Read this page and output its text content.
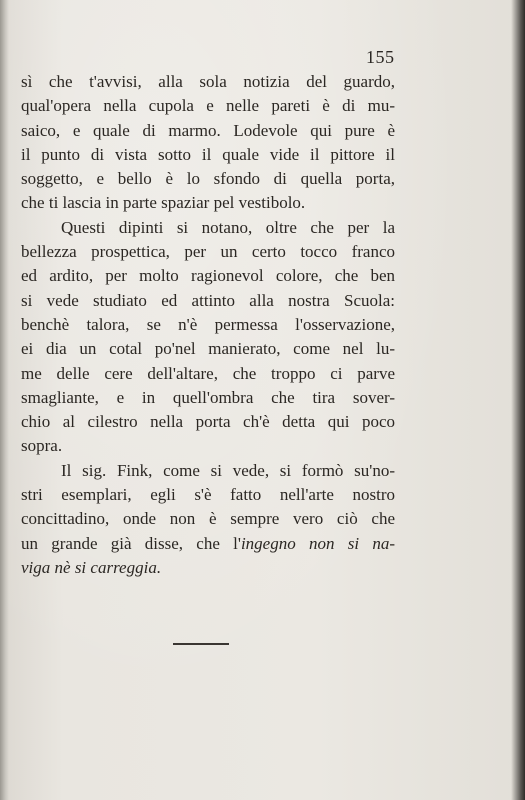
155
sì che t'avvisi, alla sola notizia del guardo,
qual'opera nella cupola e nelle pareti è di mu-
saico, e quale di marmo. Lodevole qui pure è
il punto di vista sotto il quale vide il pittore il
soggetto, e bello è lo sfondo di quella porta,
che ti lascia in parte spaziar pel vestibolo.
Questi dipinti si notano, oltre che per la
bellezza prospettica, per un certo tocco franco
ed ardito, per molto ragionevol colore, che ben
si vede studiato ed attinto alla nostra Scuola:
benchè talora, se n'è permessa l'osservazione,
ei dia un cotal po'nel manierato, come nel lu-
me delle cere dell'altare, che troppo ci parve
smagliante, e in quell'ombra che tira sover-
chio al cilestro nella porta ch'è detta qui poco
sopra.
Il sig. Fink, come si vede, si formò su'no-
stri esemplari, egli s'è fatto nell'arte nostro
concittadino, onde non è sempre vero ciò che
un grande già disse, che l'ingegno non si na-
viga nè si carreggia.
